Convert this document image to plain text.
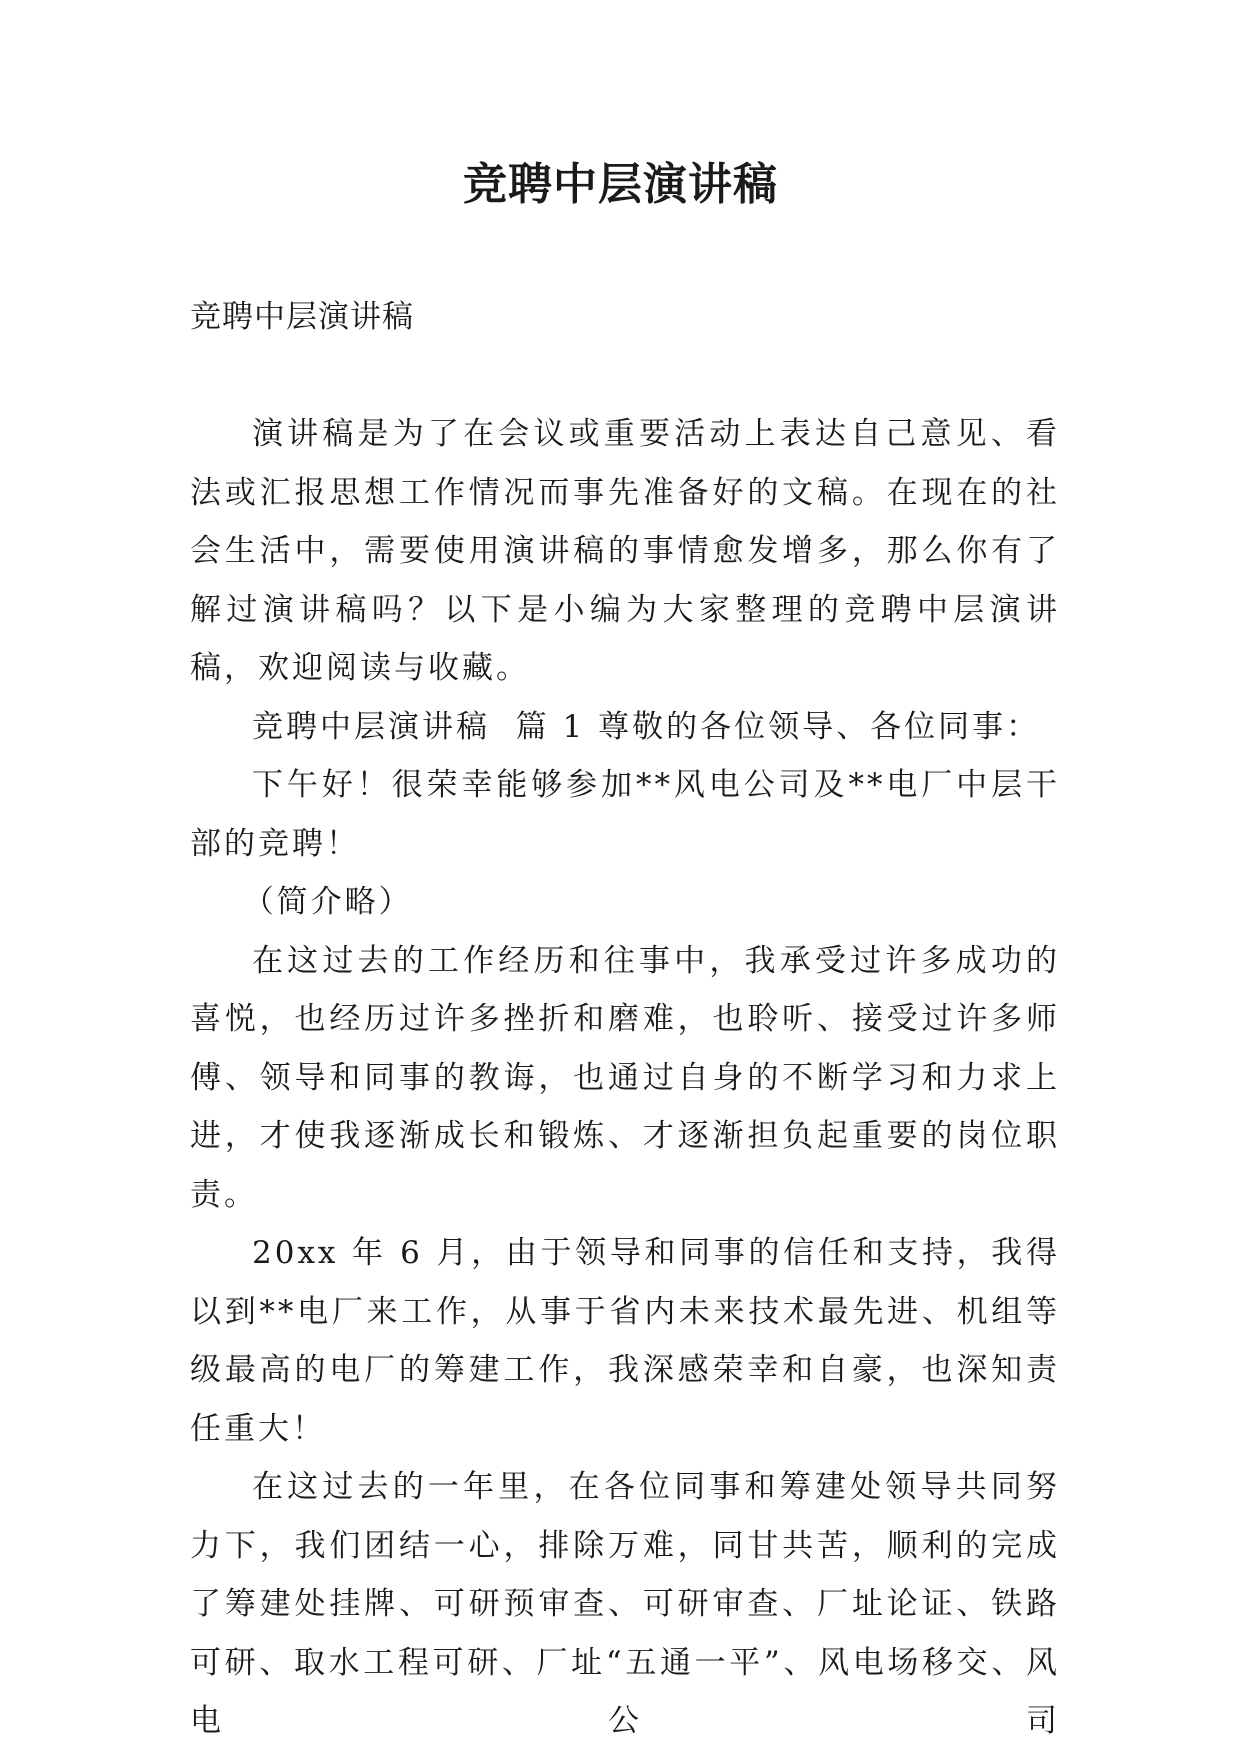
竞聘中层演讲稿

竞聘中层演讲稿

演讲稿是为了在会议或重要活动上表达自己意见、看法或汇报思想工作情况而事先准备好的文稿。在现在的社会生活中，需要使用演讲稿的事情愈发增多，那么你有了解过演讲稿吗？以下是小编为大家整理的竞聘中层演讲稿，欢迎阅读与收藏。

竞聘中层演讲稿  篇 1 尊敬的各位领导、各位同事：

下午好！很荣幸能够参加**风电公司及**电厂中层干部的竞聘！

（简介略）

在这过去的工作经历和往事中，我承受过许多成功的喜悦，也经历过许多挫折和磨难，也聆听、接受过许多师傅、领导和同事的教诲，也通过自身的不断学习和力求上进，才使我逐渐成长和锻炼、才逐渐担负起重要的岗位职责。

20xx 年 6 月，由于领导和同事的信任和支持，我得以到**电厂来工作，从事于省内未来技术最先进、机组等级最高的电厂的筹建工作，我深感荣幸和自豪，也深知责任重大！

在这过去的一年里，在各位同事和筹建处领导共同努力下，我们团结一心，排除万难，同甘共苦，顺利的完成了筹建处挂牌、可研预审查、可研审查、厂址论证、铁路可研、取水工程可研、厂址“五通一平”、风电场移交、风电公司
